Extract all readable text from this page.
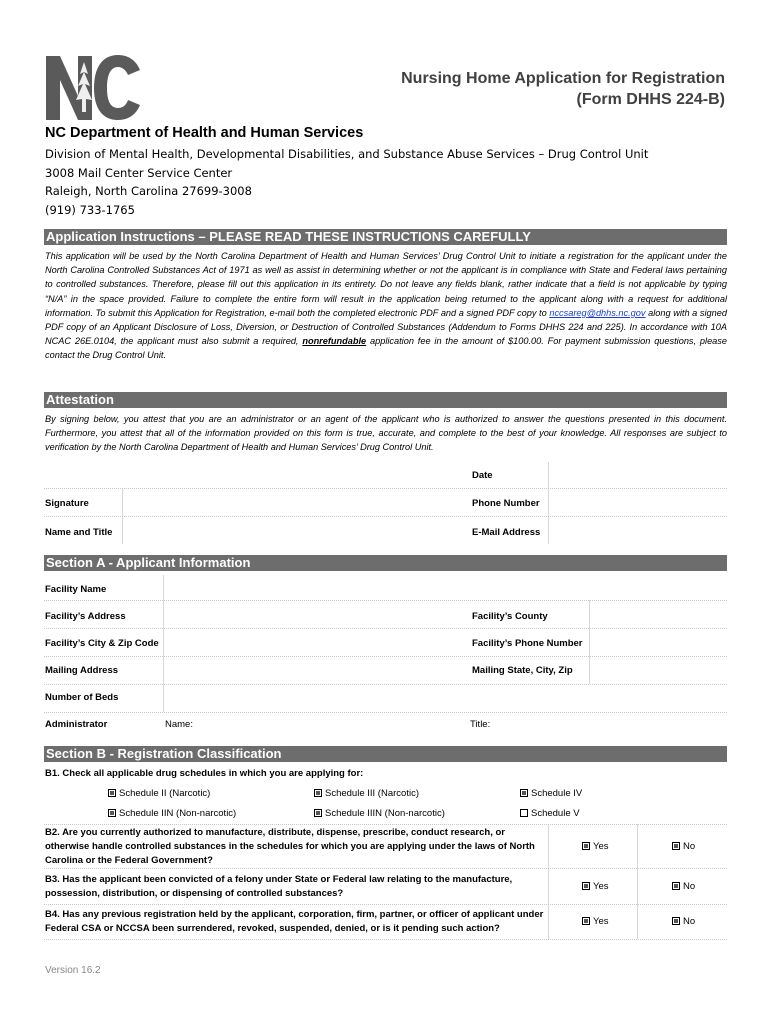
Nursing Home Application for Registration
(Form DHHS 224-B)
NC Department of Health and Human Services
Division of Mental Health, Developmental Disabilities, and Substance Abuse Services – Drug Control Unit
3008 Mail Center Service Center
Raleigh, North Carolina 27699-3008
(919) 733-1765
Application Instructions – PLEASE READ THESE INSTRUCTIONS CAREFULLY
This application will be used by the North Carolina Department of Health and Human Services’ Drug Control Unit to initiate a registration for the applicant under the North Carolina Controlled Substances Act of 1971 as well as assist in determining whether or not the applicant is in compliance with State and Federal laws pertaining to controlled substances. Therefore, please fill out this application in its entirety. Do not leave any fields blank, rather indicate that a field is not applicable by typing “N/A” in the space provided. Failure to complete the entire form will result in the application being returned to the applicant along with a request for additional information. To submit this Application for Registration, e-mail both the completed electronic PDF and a signed PDF copy to nccsareg@dhhs.nc.gov along with a signed PDF copy of an Applicant Disclosure of Loss, Diversion, or Destruction of Controlled Substances (Addendum to Forms DHHS 224 and 225). In accordance with 10A NCAC 26E.0104, the applicant must also submit a required, nonrefundable application fee in the amount of $100.00. For payment submission questions, please contact the Drug Control Unit.
Attestation
By signing below, you attest that you are an administrator or an agent of the applicant who is authorized to answer the questions presented in this document. Furthermore, you attest that all of the information provided on this form is true, accurate, and complete to the best of your knowledge. All responses are subject to verification by the North Carolina Department of Health and Human Services’ Drug Control Unit.
Date
Signature	Phone Number
Name and Title	E-Mail Address
Section A - Applicant Information
Facility Name
Facility’s Address	Facility’s County
Facility’s City & Zip Code	Facility’s Phone Number
Mailing Address	Mailing State, City, Zip
Number of Beds
Administrator	Name:	Title:
Section B - Registration Classification
B1. Check all applicable drug schedules in which you are applying for:
Schedule II (Narcotic)	Schedule III (Narcotic)	Schedule IV
Schedule IIN (Non-narcotic)	Schedule IIIN (Non-narcotic)	Schedule V
B2. Are you currently authorized to manufacture, distribute, dispense, prescribe, conduct research, or otherwise handle controlled substances in the schedules for which you are applying under the laws of North Carolina or the Federal Government?
Yes	No
B3. Has the applicant been convicted of a felony under State or Federal law relating to the manufacture, possession, distribution, or dispensing of controlled substances?
Yes	No
B4. Has any previous registration held by the applicant, corporation, firm, partner, or officer of applicant under Federal CSA or NCCSA been surrendered, revoked, suspended, denied, or is it pending such action?
Yes	No
Version 16.2
